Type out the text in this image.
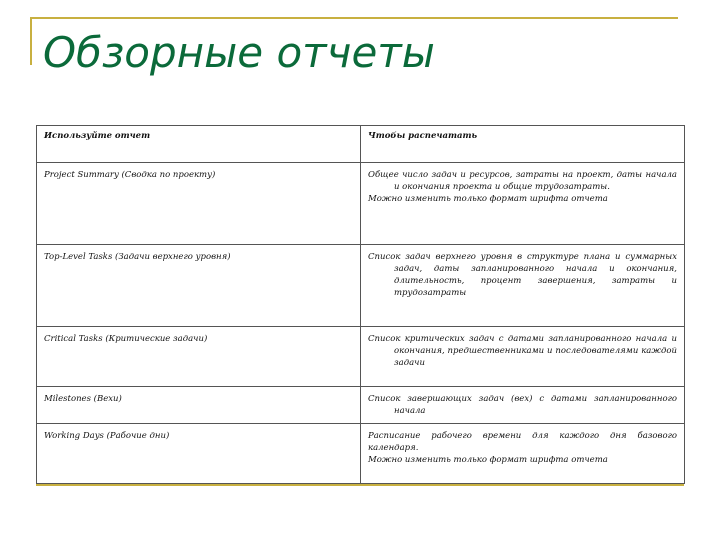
Обзорные отчеты
Используйте отчет	Чтобы распечатать
Project Summary (Сводка по проекту)	Общее число задач и ресурсов, затраты на проект, даты начала и окончания проекта и общие трудозатраты.
Можно изменить только формат шрифта отчета
Top-Level Tasks (Задачи верхнего уровня)	Список задач верхнего уровня в структуре плана и суммарных задач, даты запланированного начала и окончания, длительность, процент завершения, затраты и трудозатраты

Critical Tasks (Критические задачи)	Список критических задач с датами запланированного начала и окончания, предшественниками и последователями каждой задачи

Milestones (Вехи)	Список завершающих задач (вех) с датами запланированного начала

Working Days (Рабочие дни)	Расписание рабочего времени для каждого дня базового календаря.
Можно изменить только формат шрифта отчета
